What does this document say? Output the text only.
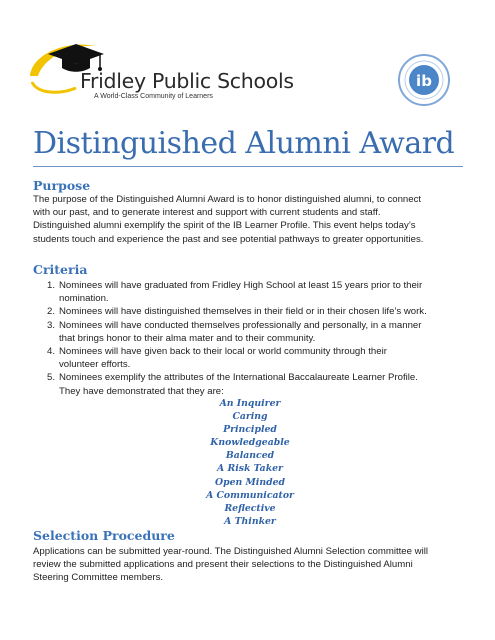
Fridley Public Schools
A World-Class Community of Learners
ib
Distinguished Alumni Award
Purpose
The purpose of the Distinguished Alumni Award is to honor distinguished alumni, to connect
with our past, and to generate interest and support with current students and staff.
Distinguished alumni exemplify the spirit of the IB Learner Profile. This event helps today’s
students touch and experience the past and see potential pathways to greater opportunities.
Criteria
1. Nominees will have graduated from Fridley High School at least 15 years prior to their
nomination.
2. Nominees will have distinguished themselves in their field or in their chosen life’s work.
3. Nominees will have conducted themselves professionally and personally, in a manner
that brings honor to their alma mater and to their community.
4. Nominees will have given back to their local or world community through their
volunteer efforts.
5. Nominees exemplify the attributes of the International Baccalaureate Learner Profile.
They have demonstrated that they are:
An Inquirer
Caring
Principled
Knowledgeable
Balanced
A Risk Taker
Open Minded
A Communicator
Reflective
A Thinker
Selection Procedure
Applications can be submitted year-round. The Distinguished Alumni Selection committee will
review the submitted applications and present their selections to the Distinguished Alumni
Steering Committee members.
